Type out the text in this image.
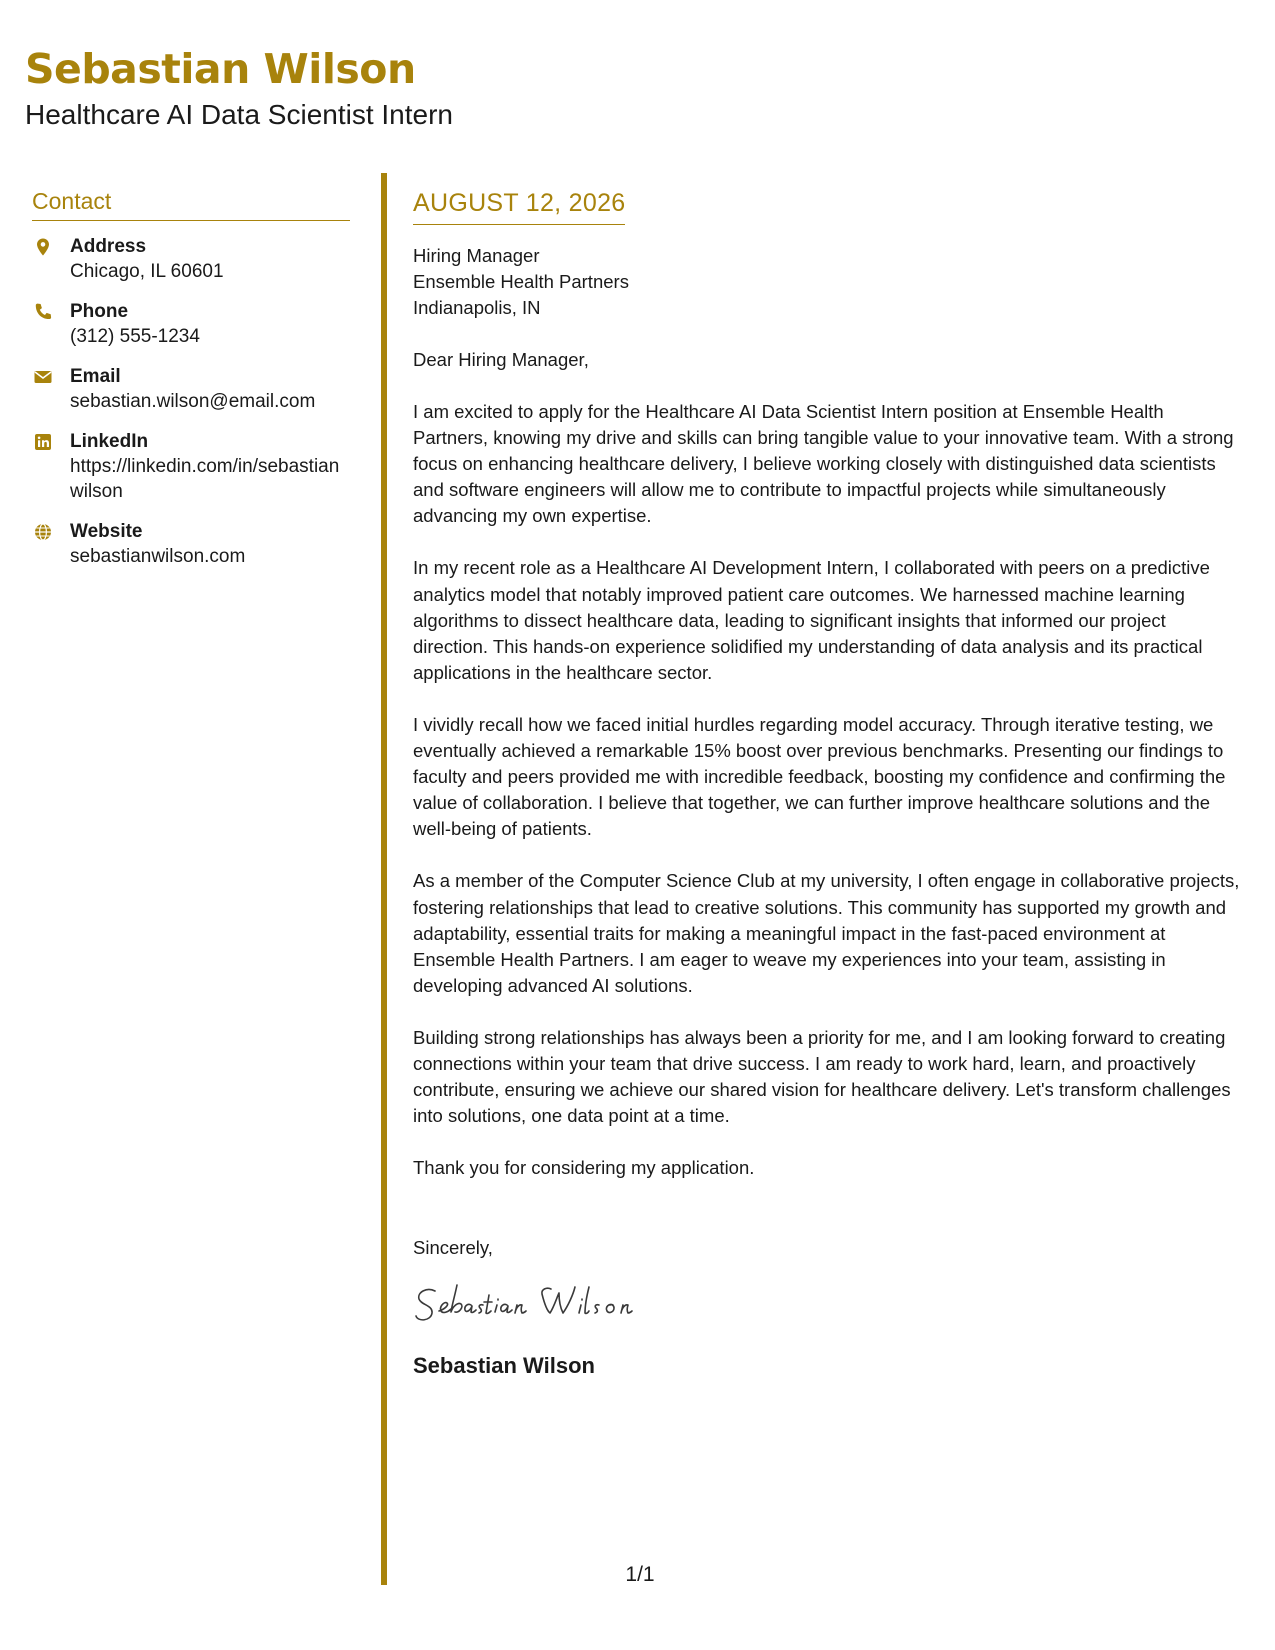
Sebastian Wilson
Healthcare AI Data Scientist Intern
Contact
Address
Chicago, IL 60601
Phone
(312) 555-1234
Email
sebastian.wilson@email.com
LinkedIn
https://linkedin.com/in/sebastianwilson
Website
sebastianwilson.com
AUGUST 12, 2026
Hiring Manager
Ensemble Health Partners
Indianapolis, IN
Dear Hiring Manager,
I am excited to apply for the Healthcare AI Data Scientist Intern position at Ensemble Health Partners, knowing my drive and skills can bring tangible value to your innovative team. With a strong focus on enhancing healthcare delivery, I believe working closely with distinguished data scientists and software engineers will allow me to contribute to impactful projects while simultaneously advancing my own expertise.
In my recent role as a Healthcare AI Development Intern, I collaborated with peers on a predictive analytics model that notably improved patient care outcomes. We harnessed machine learning algorithms to dissect healthcare data, leading to significant insights that informed our project direction. This hands-on experience solidified my understanding of data analysis and its practical applications in the healthcare sector.
I vividly recall how we faced initial hurdles regarding model accuracy. Through iterative testing, we eventually achieved a remarkable 15% boost over previous benchmarks. Presenting our findings to faculty and peers provided me with incredible feedback, boosting my confidence and confirming the value of collaboration. I believe that together, we can further improve healthcare solutions and the well-being of patients.
As a member of the Computer Science Club at my university, I often engage in collaborative projects, fostering relationships that lead to creative solutions. This community has supported my growth and adaptability, essential traits for making a meaningful impact in the fast-paced environment at Ensemble Health Partners. I am eager to weave my experiences into your team, assisting in developing advanced AI solutions.
Building strong relationships has always been a priority for me, and I am looking forward to creating connections within your team that drive success. I am ready to work hard, learn, and proactively contribute, ensuring we achieve our shared vision for healthcare delivery. Let's transform challenges into solutions, one data point at a time.
Thank you for considering my application.
Sincerely,
Sebastian Wilson
1/1
